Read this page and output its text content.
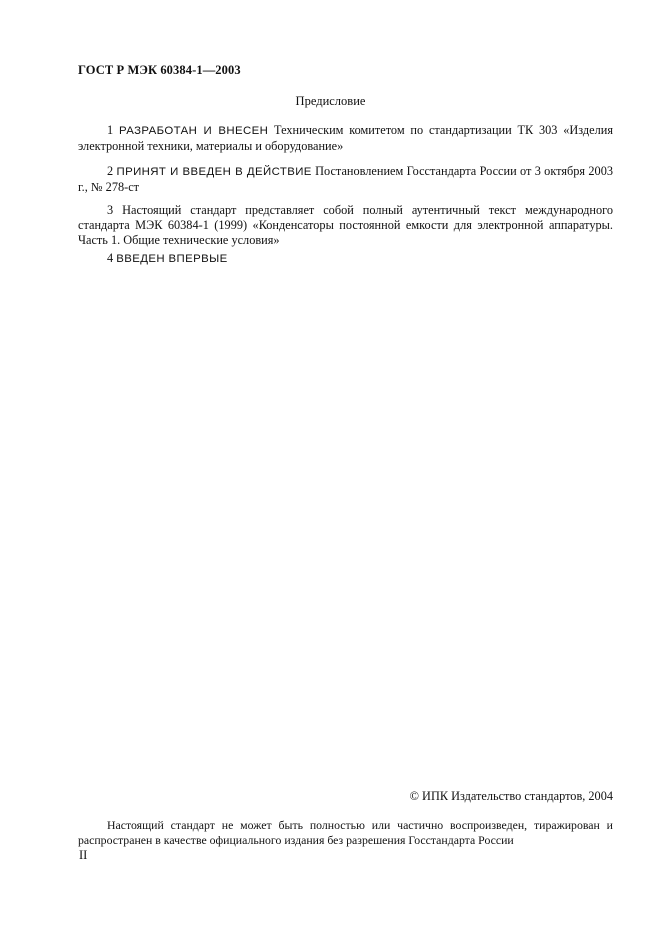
ГОСТ Р МЭК 60384-1—2003
Предисловие
1 РАЗРАБОТАН И ВНЕСЕН Техническим комитетом по стандартизации ТК 303 «Изделия электронной техники, материалы и оборудование»
2 ПРИНЯТ И ВВЕДЕН В ДЕЙСТВИЕ Постановлением Госстандарта России от 3 октября 2003 г., № 278-ст
3 Настоящий стандарт представляет собой полный аутентичный текст международного стандарта МЭК 60384-1 (1999) «Конденсаторы постоянной емкости для электронной аппаратуры. Часть 1. Общие технические условия»
4 ВВЕДЕН ВПЕРВЫЕ
© ИПК Издательство стандартов, 2004
Настоящий стандарт не может быть полностью или частично воспроизведен, тиражирован и распространен в качестве официального издания без разрешения Госстандарта России
II
